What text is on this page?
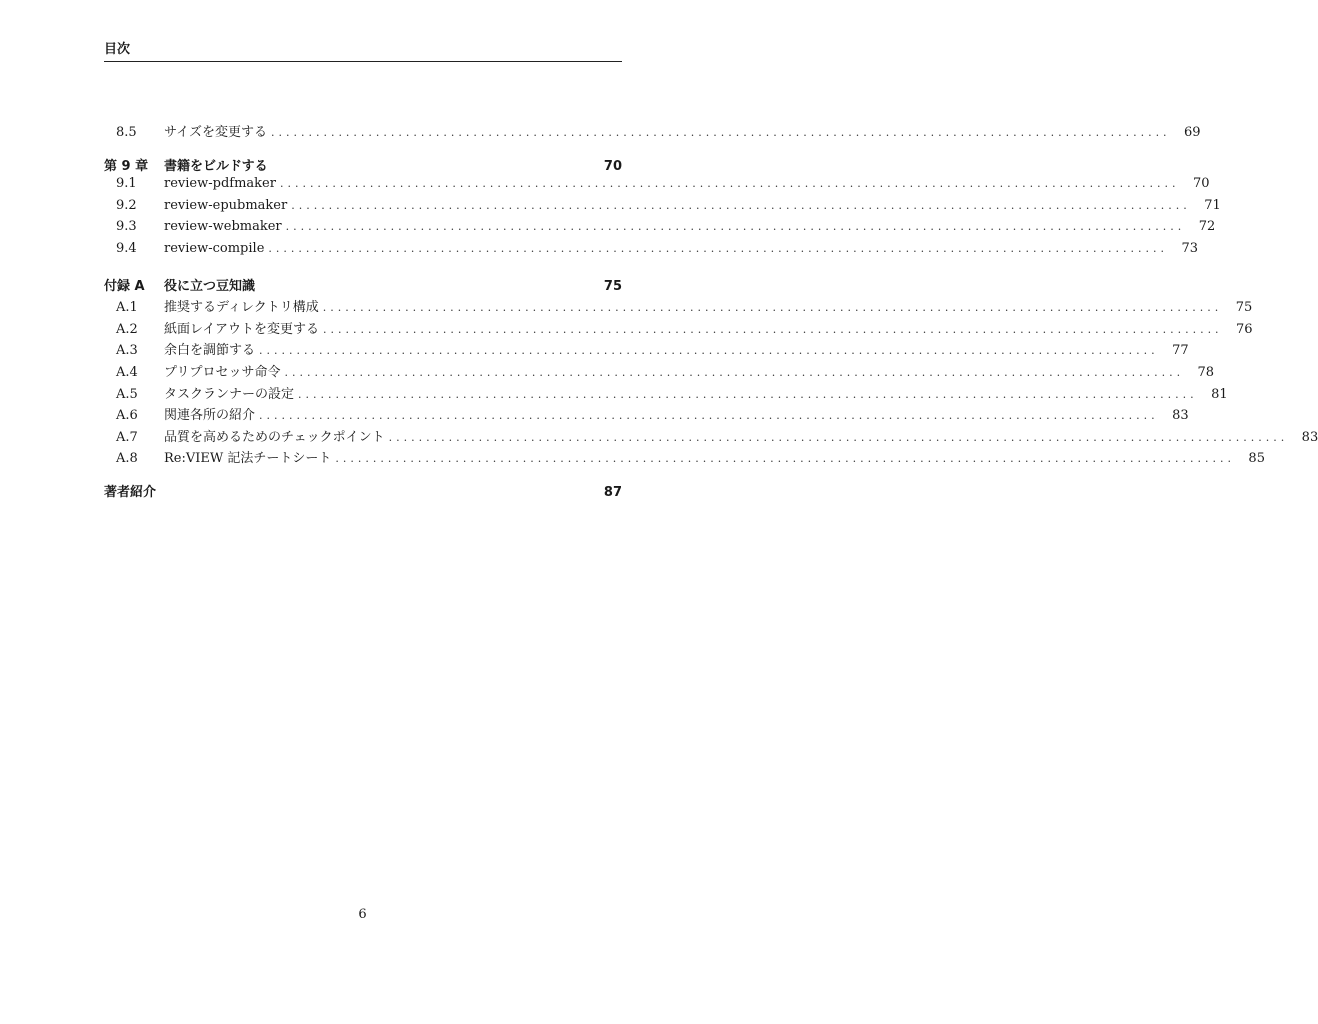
目次
8.5	サイズを変更する ........................................................................................................................	69
第 9 章	書籍をビルドする	70
9.1	review-pdfmaker ........................................................................................................................	70
9.2	review-epubmaker ........................................................................................................................	71
9.3	review-webmaker ........................................................................................................................	72
9.4	review-compile ........................................................................................................................	73
付録 A	役に立つ豆知識	75
A.1	推奨するディレクトリ構成 ........................................................................................................................	75
A.2	紙面レイアウトを変更する ........................................................................................................................	76
A.3	余白を調節する ........................................................................................................................	77
A.4	プリプロセッサ命令 ........................................................................................................................	78
A.5	タスクランナーの設定 ........................................................................................................................	81
A.6	関連各所の紹介 ........................................................................................................................	83
A.7	品質を高めるためのチェックポイント ........................................................................................................................	83
A.8	Re:VIEW 記法チートシート ........................................................................................................................	85
著者紹介	87
6
